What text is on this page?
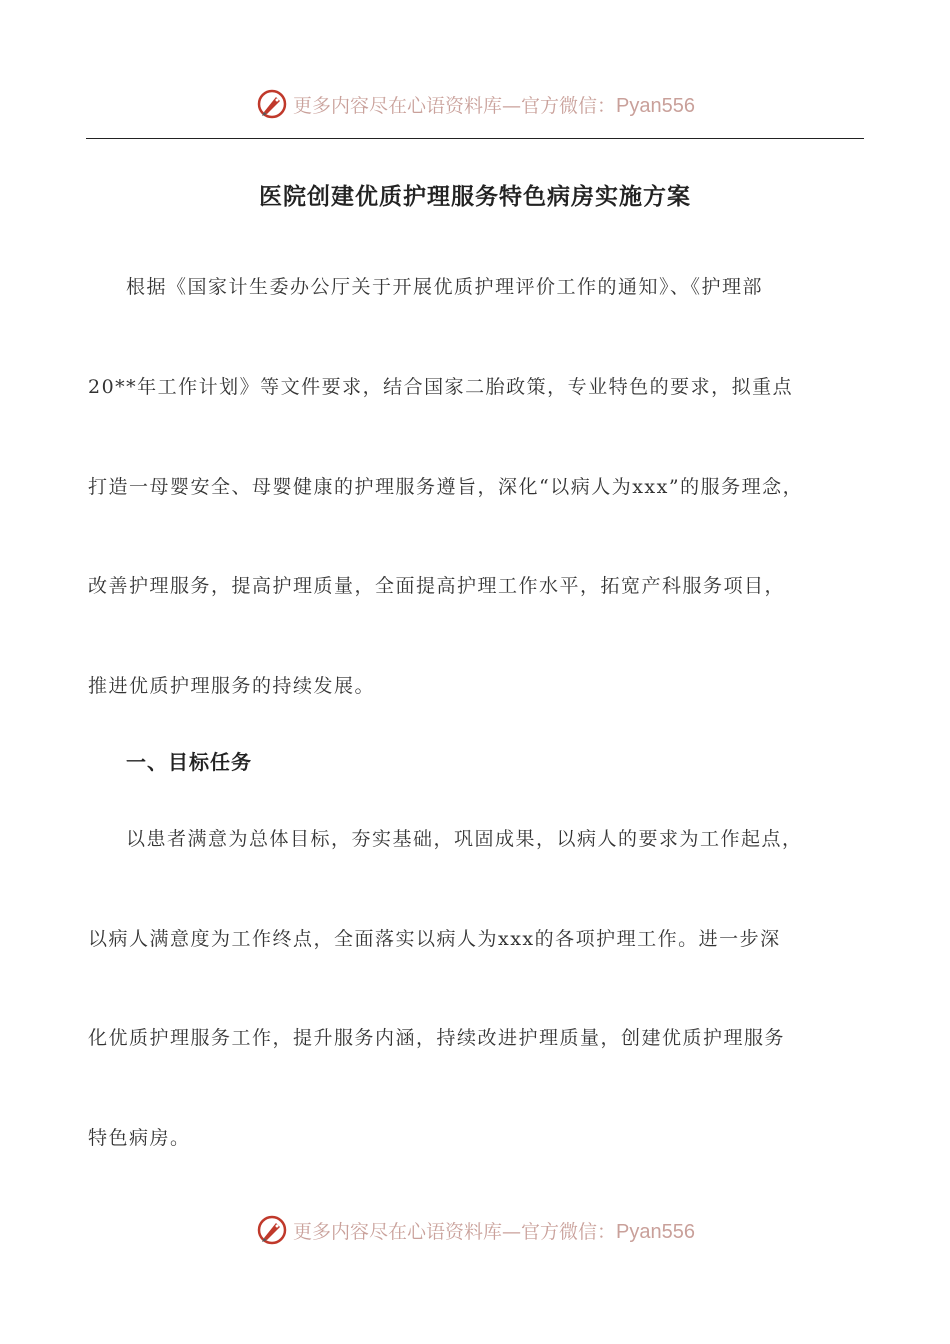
更多内容尽在心语资料库—官方微信：Pyan556
医院创建优质护理服务特色病房实施方案
根据《国家计生委办公厅关于开展优质护理评价工作的通知》、《护理部
20**年工作计划》等文件要求，结合国家二胎政策，专业特色的要求，拟重点
打造一母婴安全、母婴健康的护理服务遵旨，深化“以病人为xxx”的服务理念，
改善护理服务，提高护理质量，全面提高护理工作水平，拓宽产科服务项目，
推进优质护理服务的持续发展。
一、目标任务
以患者满意为总体目标，夯实基础，巩固成果，以病人的要求为工作起点，
以病人满意度为工作终点，全面落实以病人为xxx的各项护理工作。进一步深
化优质护理服务工作，提升服务内涵，持续改进护理质量，创建优质护理服务
特色病房。
更多内容尽在心语资料库—官方微信：Pyan556
